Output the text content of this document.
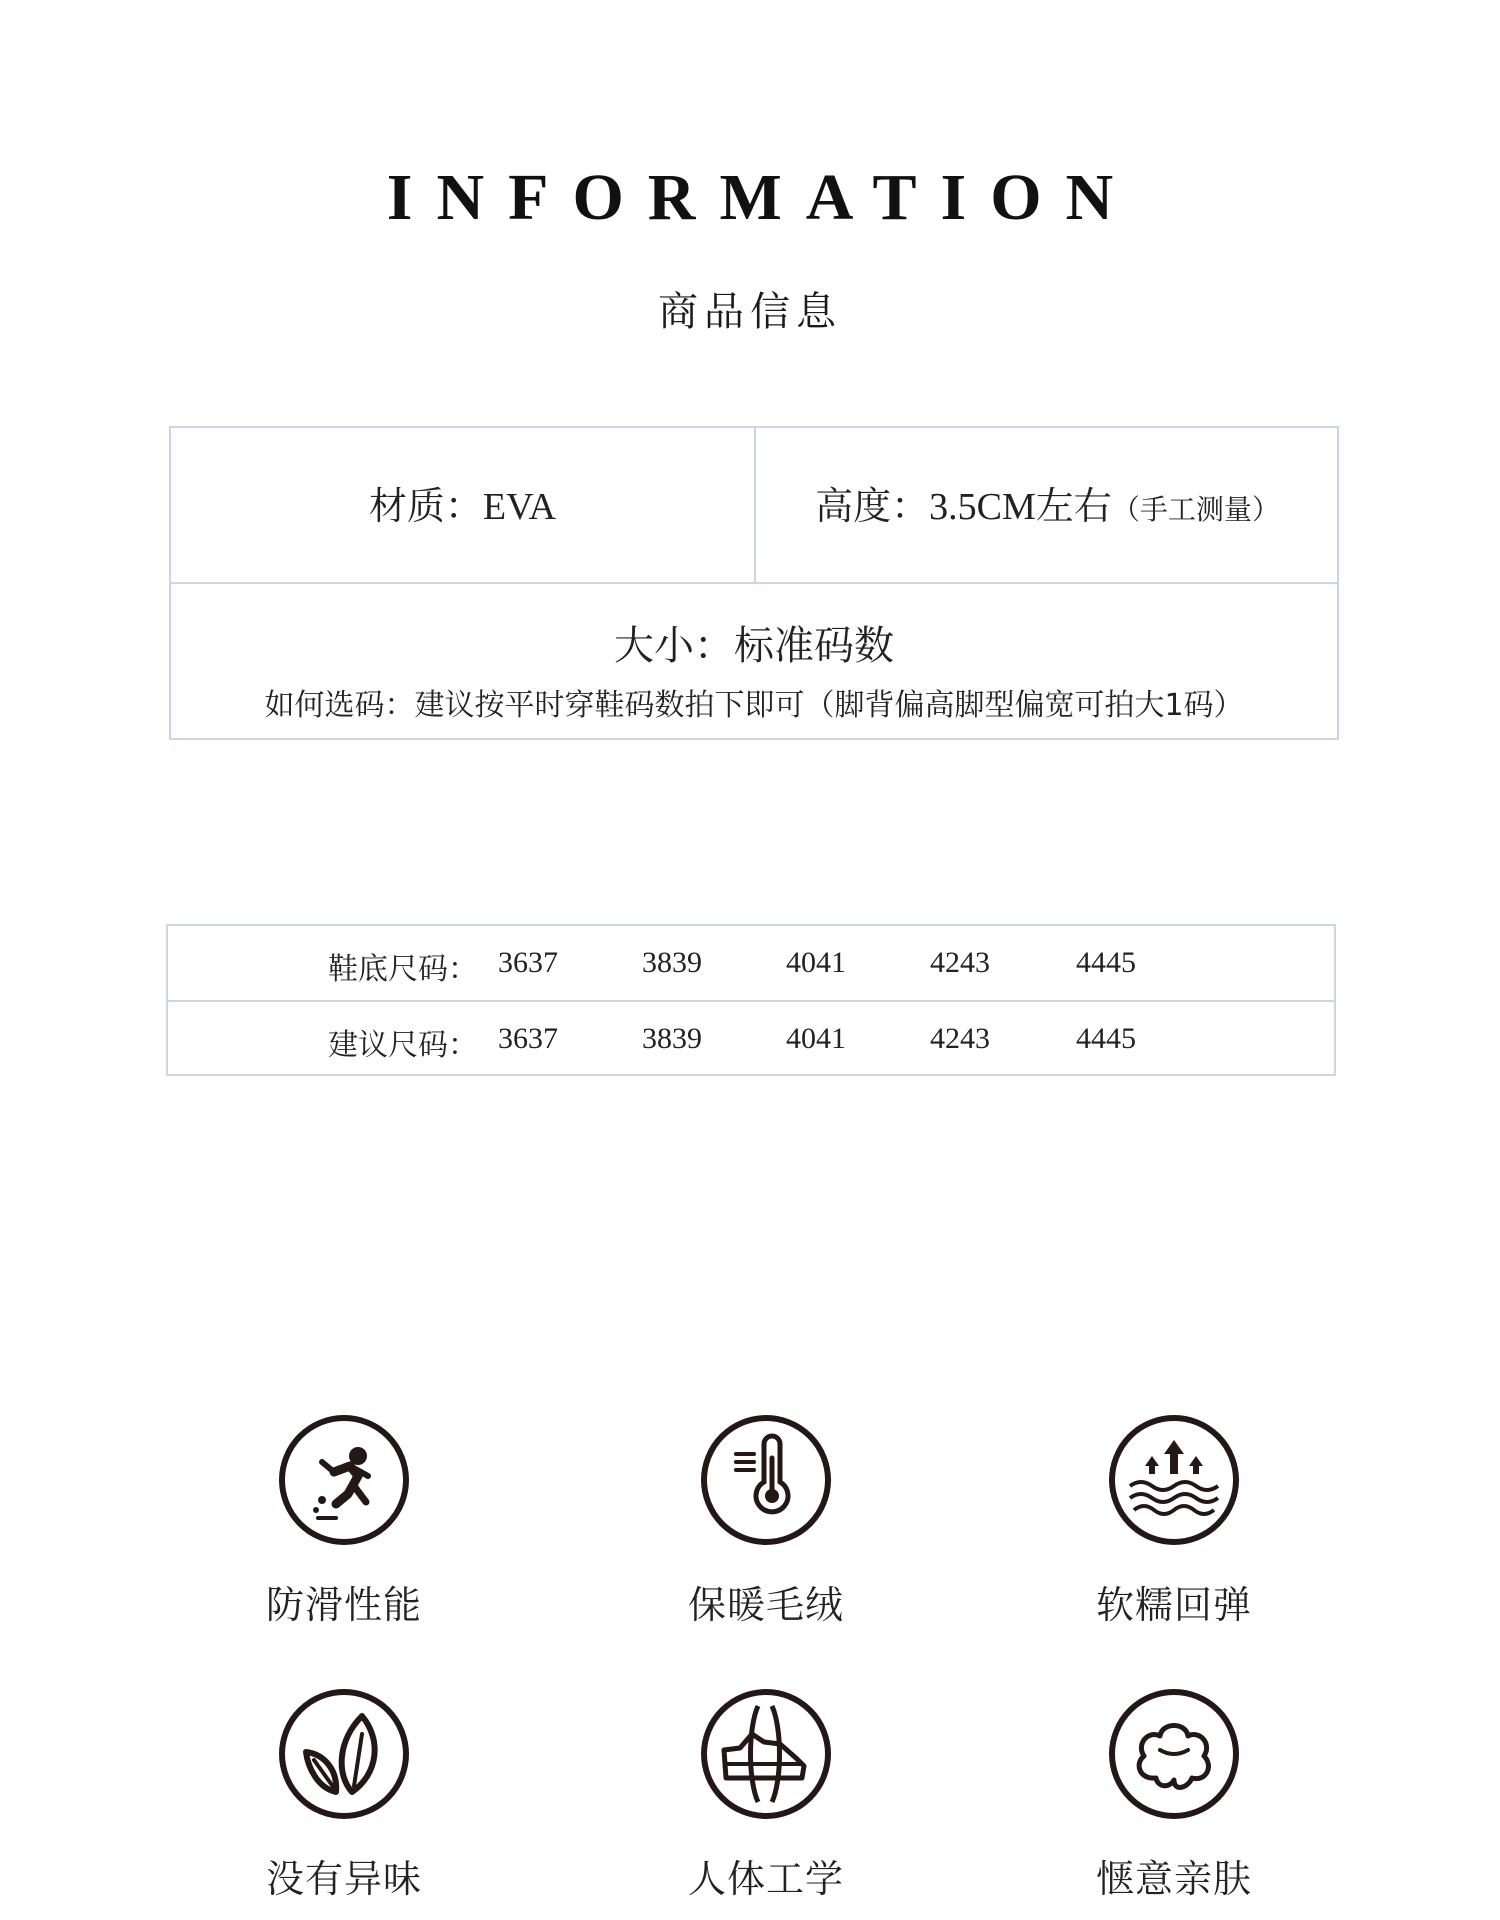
INFORMATION
商品信息
材质：EVA	高度：3.5CM左右（手工测量）
大小：标准码数
如何选码：建议按平时穿鞋码数拍下即可（脚背偏高脚型偏宽可拍大1码）
鞋底尺码： 3637	3839	4041	4243	4445
建议尺码： 3637	3839	4041	4243	4445
防滑性能	保暖毛绒	软糯回弹
没有异味	人体工学	惬意亲肤
